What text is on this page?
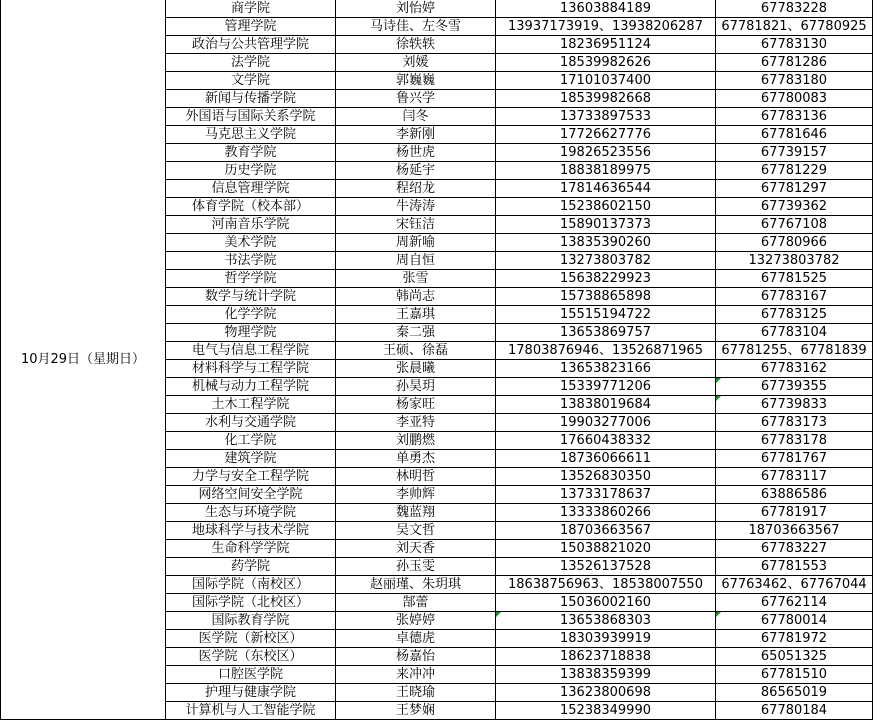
10月29日（星期日）	商学院	刘怡婷	13603884189	67783228
	管理学院	马诗佳、左冬雪	13937173919、13938206287	67781821、67780925
	政治与公共管理学院	徐轶轶	18236951124	67783130
	法学院	刘媛	18539982626	67781286
	文学院	郭巍巍	17101037400	67783180
	新闻与传播学院	鲁兴学	18539982668	67780083
	外国语与国际关系学院	闫冬	13733897533	67783136
	马克思主义学院	李新刚	17726627776	67781646
	教育学院	杨世虎	19826523556	67739157
	历史学院	杨延宇	18838189975	67781229
	信息管理学院	程绍龙	17814636544	67781297
	体育学院（校本部）	牛涛涛	15238602150	67739362
	河南音乐学院	宋钰洁	15890137373	67767108
	美术学院	周新喻	13835390260	67780966
	书法学院	周自恒	13273803782	13273803782
	哲学学院	张雪	15638229923	67781525
	数学与统计学院	韩尚志	15738865898	67783167
	化学学院	王嘉琪	15515194722	67783125
	物理学院	秦二强	13653869757	67783104
	电气与信息工程学院	王硕、徐磊	17803876946、13526871965	67781255、67781839
	材料科学与工程学院	张晨曦	13653823166	67783162
	机械与动力工程学院	孙昊玥	15339771206	67739355

	土木工程学院	杨家旺	13838019684	67739833

	水利与交通学院	李亚特	19903277006	67783173
	化工学院	刘鹏燃	17660438332	67783178
	建筑学院	单勇杰	18736066611	67781767
	力学与安全工程学院	林明哲	13526830350	67783117
	网络空间安全学院	李帅辉	13733178637	63886586
	生态与环境学院	魏蓝翔	13333860266	67781917
	地球科学与技术学院	吴文哲	18703663567	18703663567
	生命科学学院	刘天香	15038821020	67783227
	药学院	孙玉雯	13526137528	67781553
	国际学院（南校区）	赵丽瑾、朱玥琪	18638756963、18538007550	67763462、67767044
	国际学院（北校区）	郜蕾	15036002160	67762114
	国际教育学院	张婷婷	13653868303	67780014

	医学院（新校区）	卓德虎	18303939919	67781972
	医学院（东校区）	杨嘉怡	18623718838	65051325
	口腔医学院	来冲冲	13838359399	67781510
	护理与健康学院	王晓瑜	13623800698	86565019
	计算机与人工智能学院	王梦娴	15238349990	67780184
